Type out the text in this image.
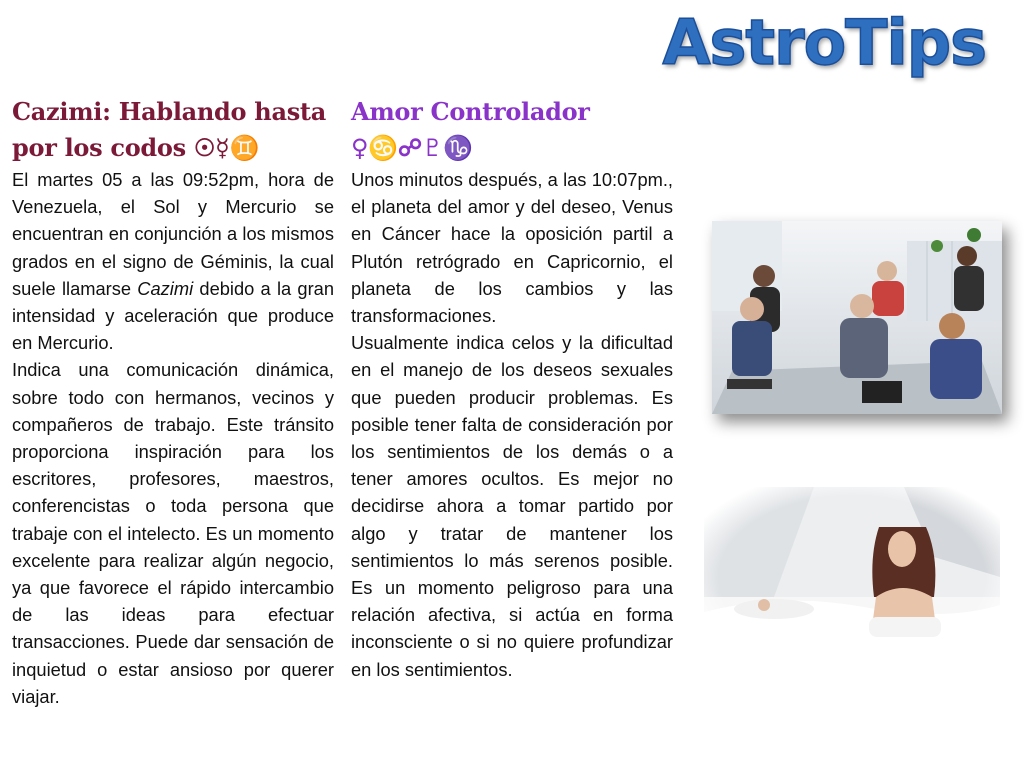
AstroTips
Cazimi: Hablando hasta por los codos ☉☿♊

El martes 05 a las 09:52pm, hora de Venezuela, el Sol y Mercurio se encuentran en conjunción a los mismos grados en el signo de Géminis, la cual suele llamarse Cazimi debido a la gran intensidad y aceleración que produce en Mercurio.

Indica una comunicación dinámica, sobre todo con hermanos, vecinos y compañeros de trabajo. Este tránsito proporciona inspiración para los escritores, profesores, maestros, conferencistas o toda persona que trabaje con el intelecto. Es un momento excelente para realizar algún negocio, ya que favorece el rápido intercambio de las ideas para efectuar transacciones. Puede dar sensación de inquietud o estar ansioso por querer viajar.

Amor Controlador
♀♋☍♇♑

Unos minutos después, a las 10:07pm., el planeta del amor y del deseo, Venus en Cáncer hace la oposición partil a Plutón retrógrado en Capricornio, el planeta de los cambios y las transformaciones.

Usualmente indica celos y la dificultad en el manejo de los deseos sexuales que pueden producir problemas. Es posible tener falta de consideración por los sentimientos de los demás o a tener amores ocultos. Es mejor no decidirse ahora a tomar partido por algo y tratar de mantener los sentimientos lo más serenos posible. Es un momento peligroso para una relación afectiva, si actúa en forma inconsciente o si no quiere profundizar en los sentimientos.
